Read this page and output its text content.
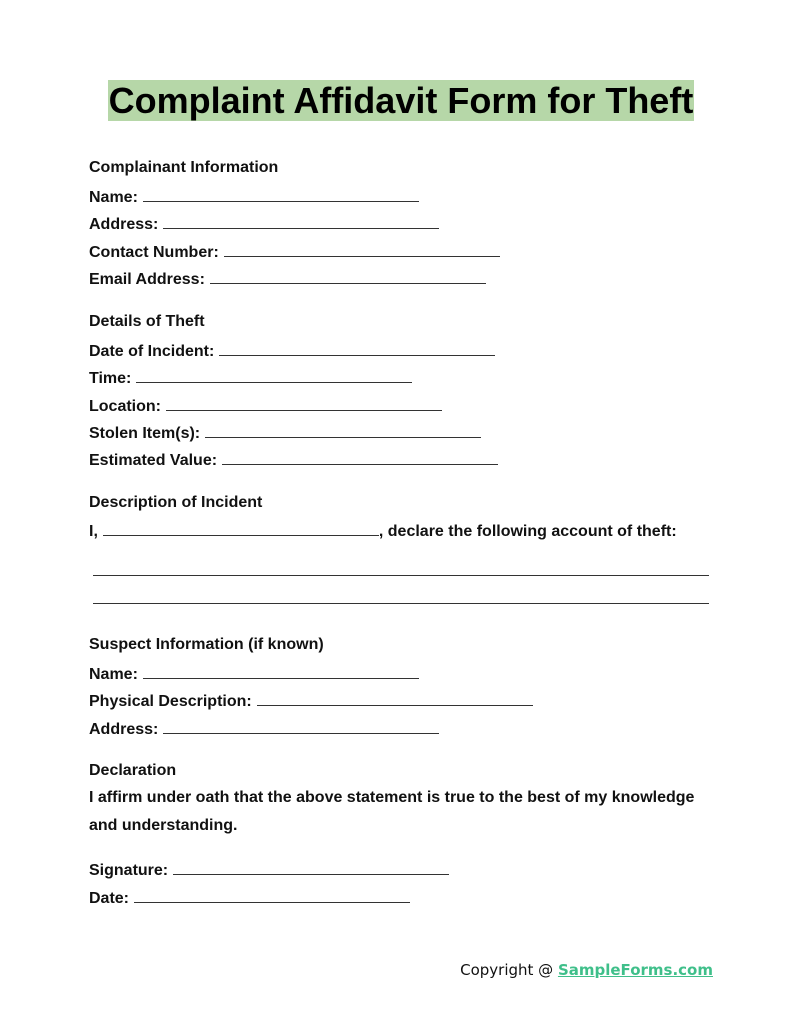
Complaint Affidavit Form for Theft
Complainant Information
Name:
Address:
Contact Number:
Email Address:
Details of Theft
Date of Incident:
Time:
Location:
Stolen Item(s):
Estimated Value:
Description of Incident
I,	, declare the following account of theft:
Suspect Information (if known)
Name:
Physical Description:
Address:
Declaration
I affirm under oath that the above statement is true to the best of my knowledge and understanding.
Signature:
Date:
Copyright @ SampleForms.com
